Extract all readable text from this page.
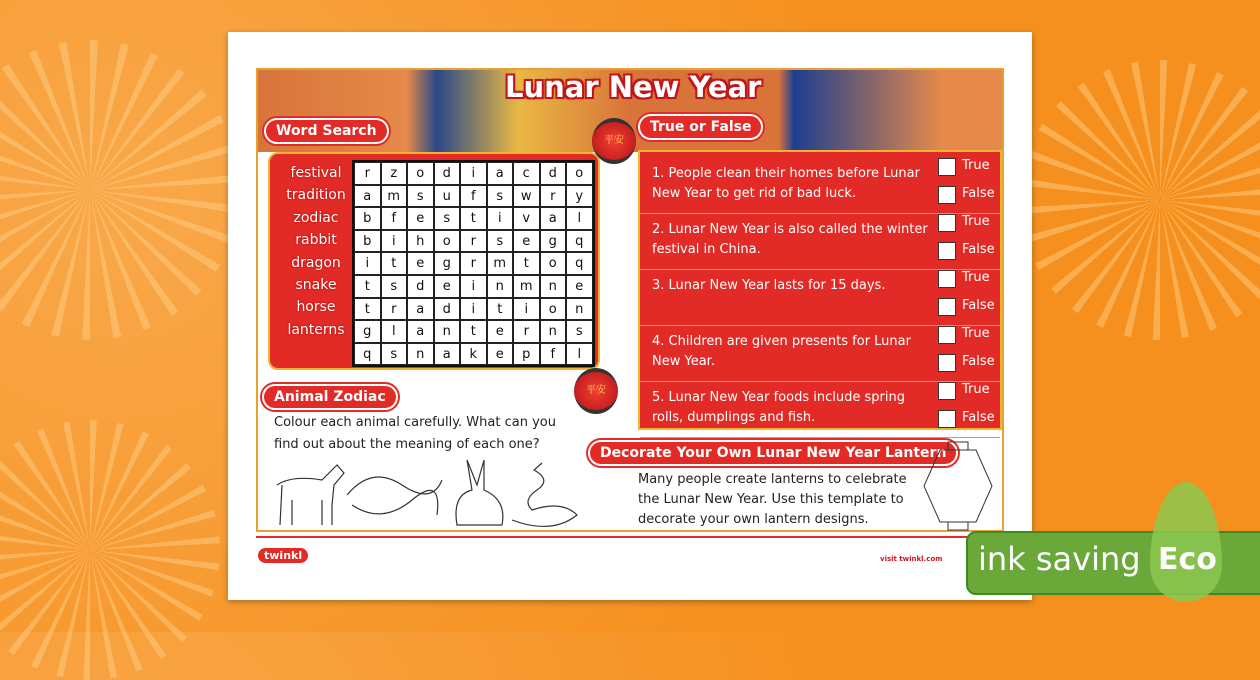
Lunar New Year
Word Search
festival
tradition
zodiac
rabbit
dragon
snake
horse
lanterns
r	z	o	d	i	a	c	d	o
a	m	s	u	f	s	w	r	y
b	f	e	s	t	i	v	a	l
b	i	h	o	r	s	e	g	q
i	t	e	g	r	m	t	o	q
t	s	d	e	i	n	m	n	e
t	r	a	d	i	t	i	o	n
g	l	a	n	t	e	r	n	s
q	s	n	a	k	e	p	f	l
平安
平安
1. People clean their homes before Lunar New Year to get rid of bad luck.
True
False
2. Lunar New Year is also called the winter festival in China.
True
False
3. Lunar New Year lasts for 15 days.
True
False
4. Children are given presents for Lunar New Year.
True
False
5. Lunar New Year foods include spring rolls, dumplings and fish.
True
False
True or False
Animal Zodiac
Colour each animal carefully. What can you find out about the meaning of each one?
Decorate Your Own Lunar New Year Lantern
Many people create lanterns to celebrate the Lunar New Year. Use this template to decorate your own lantern designs.
twinkl	visit twinkl.com ink saving Eco
